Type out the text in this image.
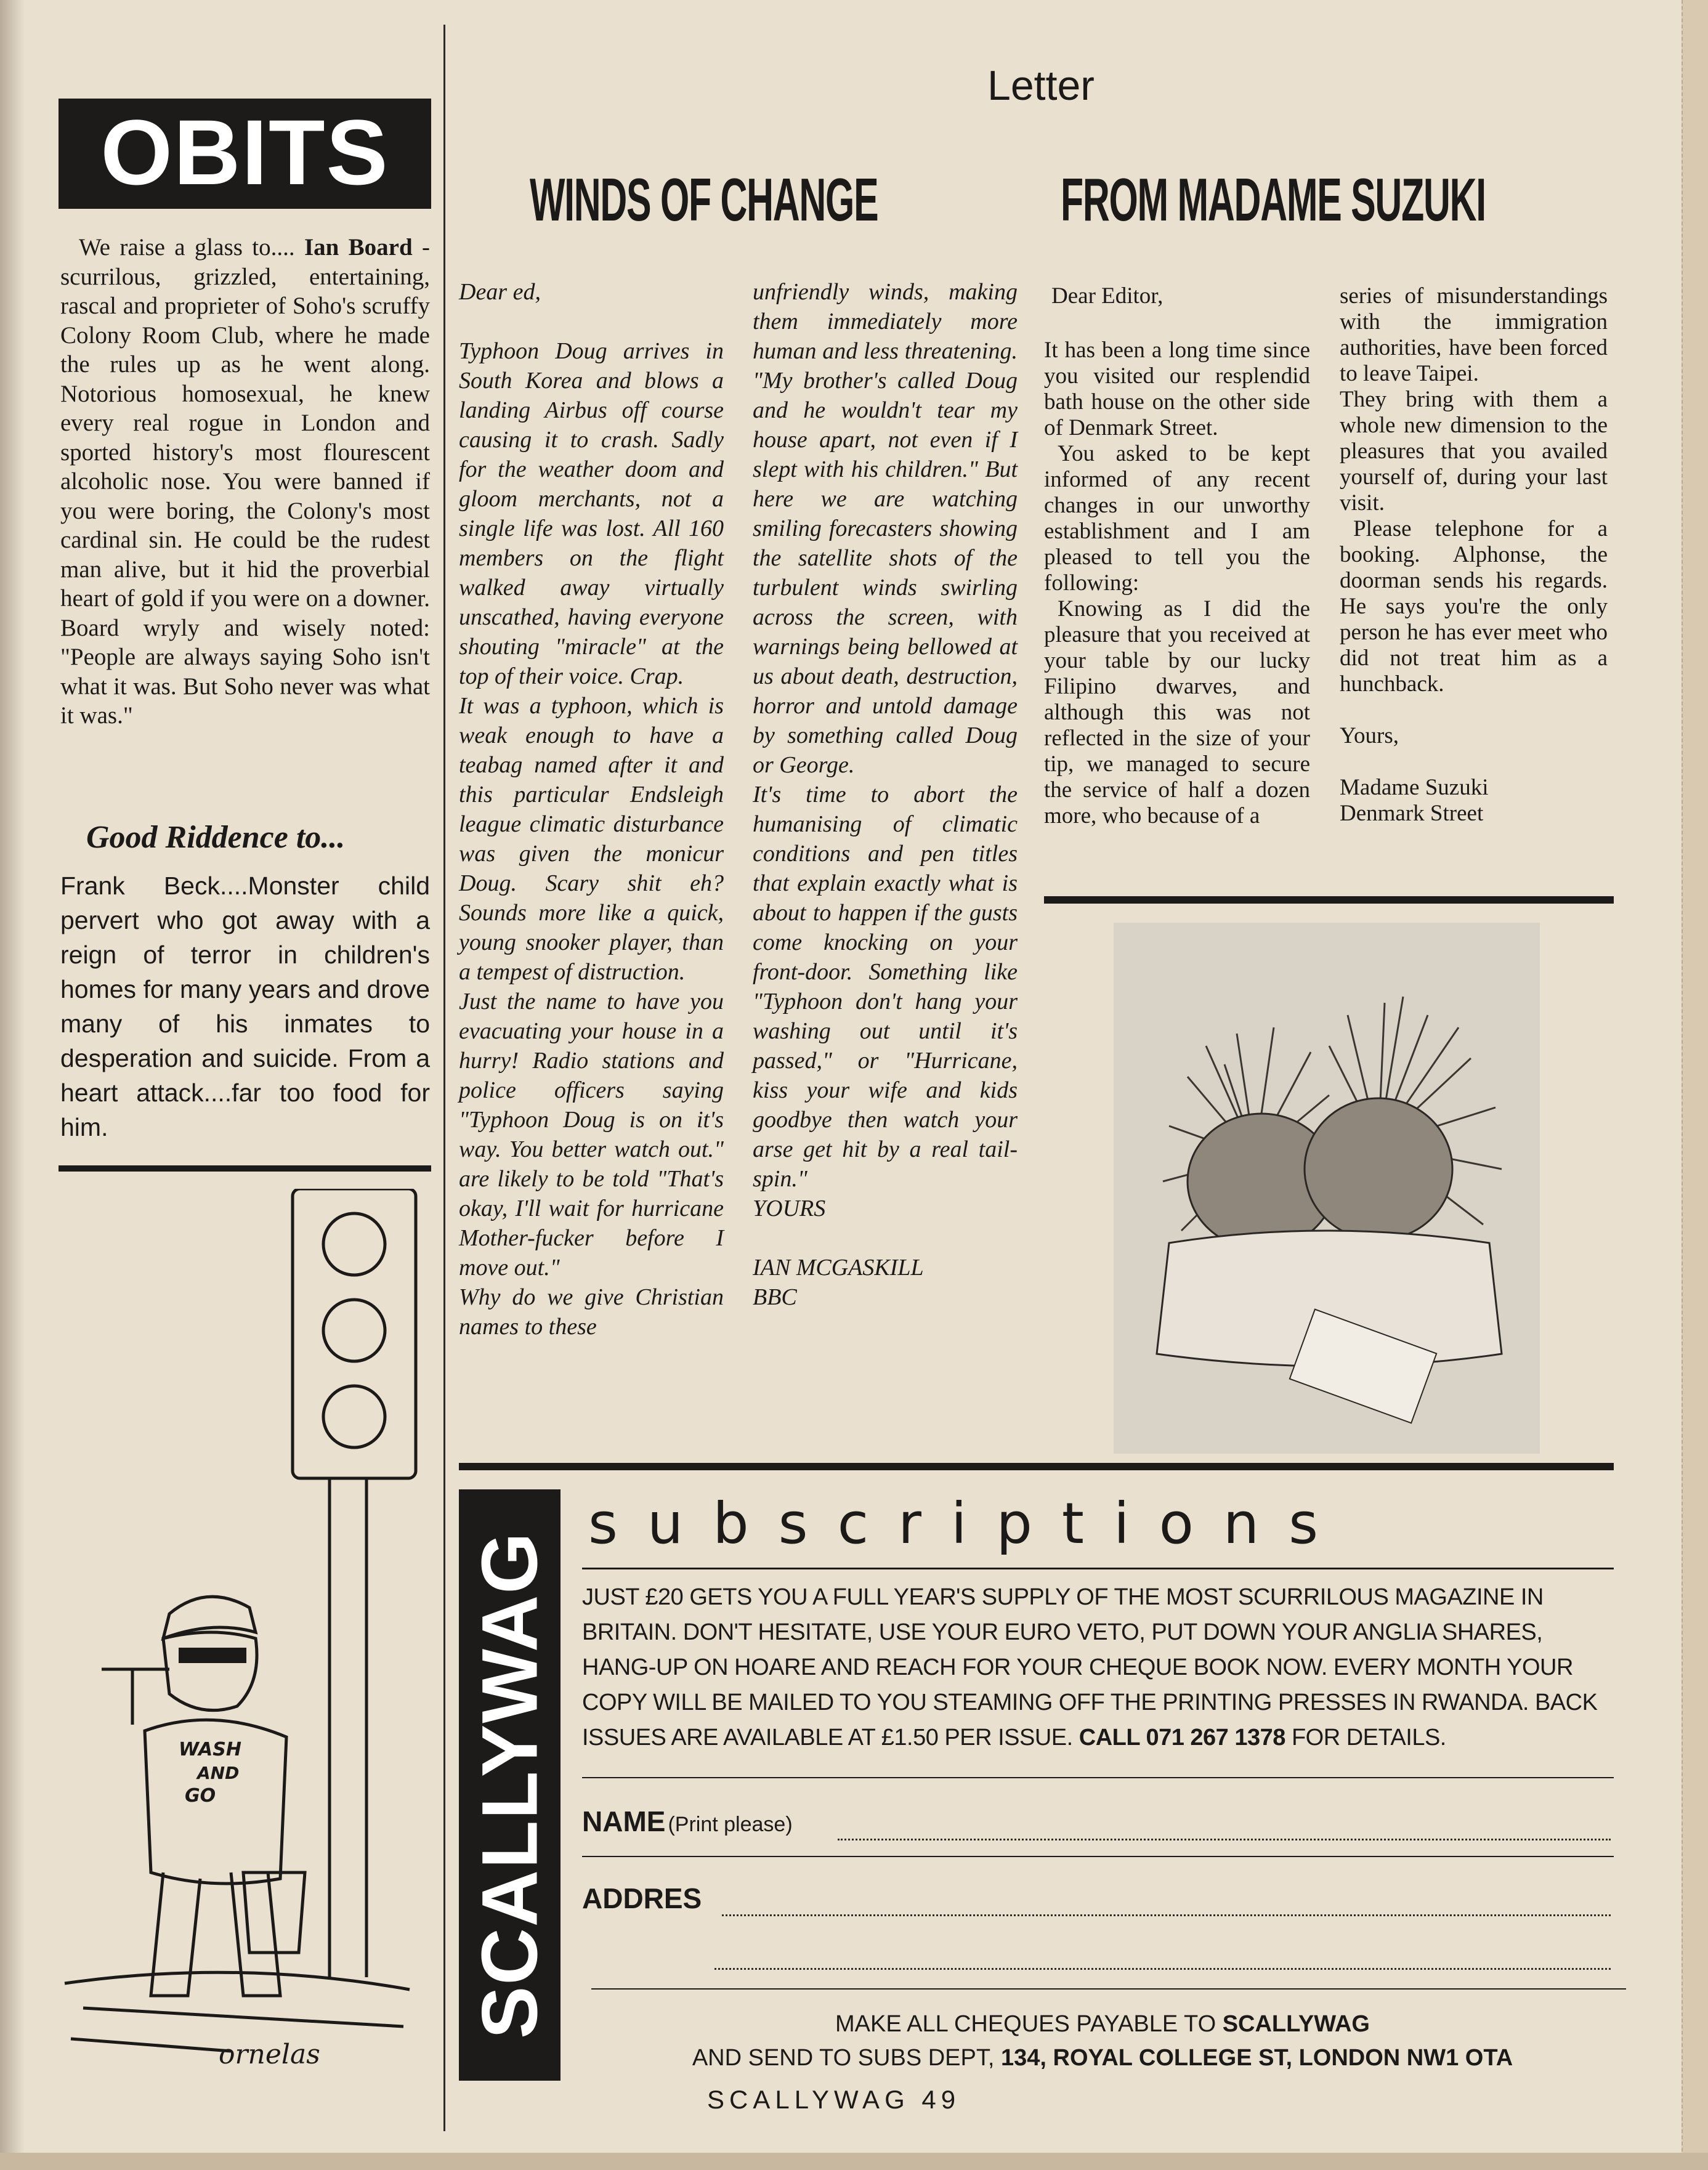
OBITS
We raise a glass to.... Ian Board - scurrilous, grizzled, entertaining, rascal and proprieter of Soho's scruffy Colony Room Club, where he made the rules up as he went along. Notorious homosexual, he knew every real rogue in London and sported history's most flourescent alcoholic nose. You were banned if you were boring, the Colony's most cardinal sin. He could be the rudest man alive, but it hid the proverbial heart of gold if you were on a downer. Board wryly and wisely noted: "People are always saying Soho isn't what it was. But Soho never was what it was."
Good Riddence to...
Frank Beck....Monster child pervert who got away with a reign of terror in children's homes for many years and drove many of his inmates to desperation and suicide. From a heart attack....far too food for him.
WASH
AND
GO
ornelas
Letter
WINDS OF CHANGE	FROM MADAME SUZUKI

Dear ed,

Typhoon Doug arrives in South Korea and blows a landing Airbus off course causing it to crash. Sadly for the weather doom and gloom merchants, not a single life was lost. All 160 members on the flight walked away virtually unscathed, having everyone shouting "miracle" at the top of their voice. Crap.

It was a typhoon, which is weak enough to have a teabag named after it and this particular Endsleigh league climatic disturbance was given the monicur Doug. Scary shit eh? Sounds more like a quick, young snooker player, than a tempest of distruction.

Just the name to have you evacuating your house in a hurry! Radio stations and police officers saying "Typhoon Doug is on it's way. You better watch out." are likely to be told "That's okay, I'll wait for hurricane Mother-fucker before I move out."

Why do we give Christian names to these

unfriendly winds, making them immediately more human and less threatening. "My brother's called Doug and he wouldn't tear my house apart, not even if I slept with his children." But here we are watching smiling forecasters showing the satellite shots of the turbulent winds swirling across the screen, with warnings being bellowed at us about death, destruction, horror and untold damage by something called Doug or George.

It's time to abort the humanising of climatic conditions and pen titles that explain exactly what is about to happen if the gusts come knocking on your front-door. Something like "Typhoon don't hang your washing out until it's passed," or "Hurricane, kiss your wife and kids goodbye then watch your arse get hit by a real tail-spin."

YOURS

IAN MCGASKILL

BBC

Dear Editor,

It has been a long time since you visited our resplendid bath house on the other side of Denmark Street.

You asked to be kept informed of any recent changes in our unworthy establishment and I am pleased to tell you the following:

Knowing as I did the pleasure that you received at your table by our lucky Filipino dwarves, and although this was not reflected in the size of your tip, we managed to secure the service of half a dozen more, who because of a

series of misunderstandings with the immigration authorities, have been forced to leave Taipei.

They bring with them a whole new dimension to the pleasures that you availed yourself of, during your last visit.

Please telephone for a booking. Alphonse, the doorman sends his regards. He says you're the only person he has ever meet who did not treat him as a hunchback.

Yours,

Madame Suzuki

Denmark Street

SCALLYWAG
subscriptions
JUST £20 GETS YOU A FULL YEAR'S SUPPLY OF THE MOST SCURRILOUS MAGAZINE IN BRITAIN. DON'T HESITATE, USE YOUR EURO VETO, PUT DOWN YOUR ANGLIA SHARES, HANG-UP ON HOARE AND REACH FOR YOUR CHEQUE BOOK NOW. EVERY MONTH YOUR COPY WILL BE MAILED TO YOU STEAMING OFF THE PRINTING PRESSES IN RWANDA. BACK ISSUES ARE AVAILABLE AT £1.50 PER ISSUE. CALL 071 267 1378 FOR DETAILS.
NAME (Print please)
ADDRES
MAKE ALL CHEQUES PAYABLE TO SCALLYWAG
AND SEND TO SUBS DEPT, 134, ROYAL COLLEGE ST, LONDON NW1 OTA
SCALLYWAG 49
